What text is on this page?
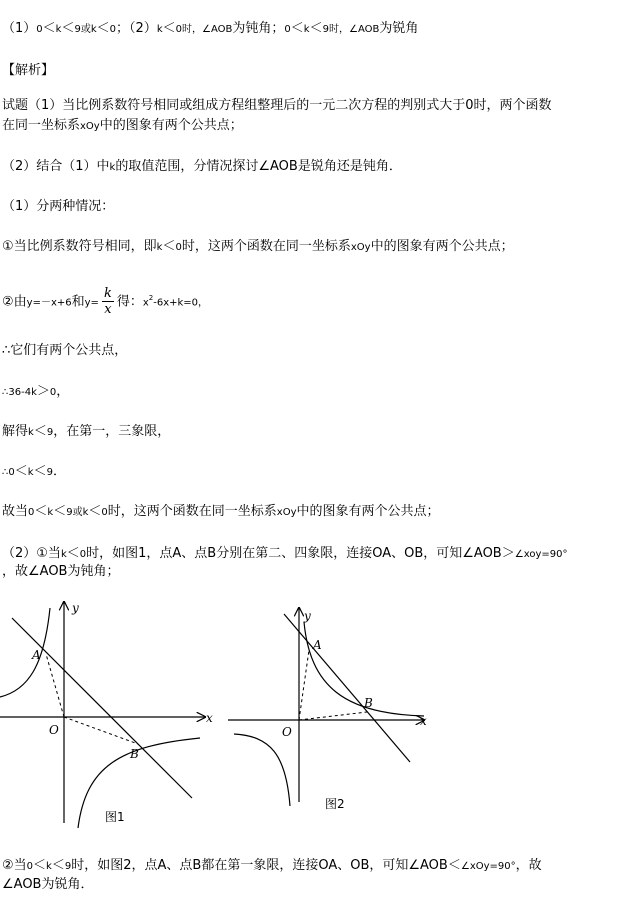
（1）0＜k＜9或k＜0；（2）k＜0时，∠AOB为钝角；0＜k＜9时，∠AOB为锐角
【解析】
试题（1）当比例系数符号相同或组成方程组整理后的一元二次方程的判别式大于0时，两个函数
在同一坐标系xOy中的图象有两个公共点；
（2）结合（1）中k的取值范围，分情况探讨∠AOB是锐角还是钝角．
（1）分两种情况：
①当比例系数符号相同，即k＜0时，这两个函数在同一坐标系xOy中的图象有两个公共点；
②由y=－x+6和$y= \frac{k}{x}$ 得：$x^2-6x+k=0$，
∴它们有两个公共点，
∴36-4k＞0，
解得k＜9，在第一，三象限，
∴0＜k＜9．
故当0＜k＜9或k＜0时，这两个函数在同一坐标系xOy中的图象有两个公共点；
（2）①当k＜0时，如图1，点A、点B分别在第二、四象限，连接OA、OB，可知∠AOB＞∠xoy=90°
，故∠AOB为钝角；
y
x
O
A
B
图1
y
x
O
A
B
图2
②当0＜k＜9时，如图2，点A、点B都在第一象限，连接OA、OB，可知∠AOB＜∠xOy=90°，故
∠AOB为锐角．
